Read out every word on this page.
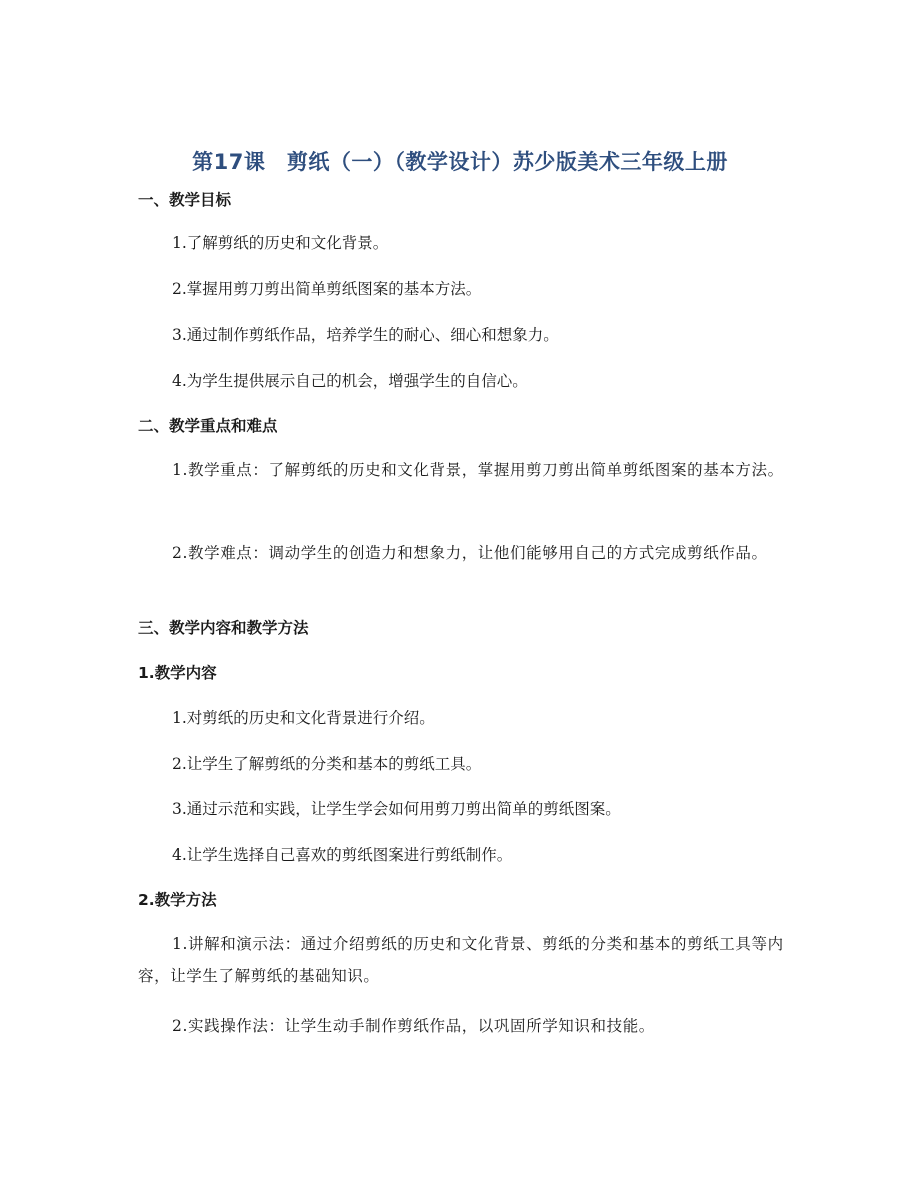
第17课　剪纸（一）（教学设计）苏少版美术三年级上册
一、教学目标
1.了解剪纸的历史和文化背景。
2.掌握用剪刀剪出简单剪纸图案的基本方法。
3.通过制作剪纸作品，培养学生的耐心、细心和想象力。
4.为学生提供展示自己的机会，增强学生的自信心。
二、教学重点和难点
1.教学重点：了解剪纸的历史和文化背景，掌握用剪刀剪出简单剪纸图案的基本方法。
2.教学难点：调动学生的创造力和想象力，让他们能够用自己的方式完成剪纸作品。
三、教学内容和教学方法
1.教学内容
1.对剪纸的历史和文化背景进行介绍。
2.让学生了解剪纸的分类和基本的剪纸工具。
3.通过示范和实践，让学生学会如何用剪刀剪出简单的剪纸图案。
4.让学生选择自己喜欢的剪纸图案进行剪纸制作。
2.教学方法
1.讲解和演示法：通过介绍剪纸的历史和文化背景、剪纸的分类和基本的剪纸工具等内容，让学生了解剪纸的基础知识。
2.实践操作法：让学生动手制作剪纸作品，以巩固所学知识和技能。
